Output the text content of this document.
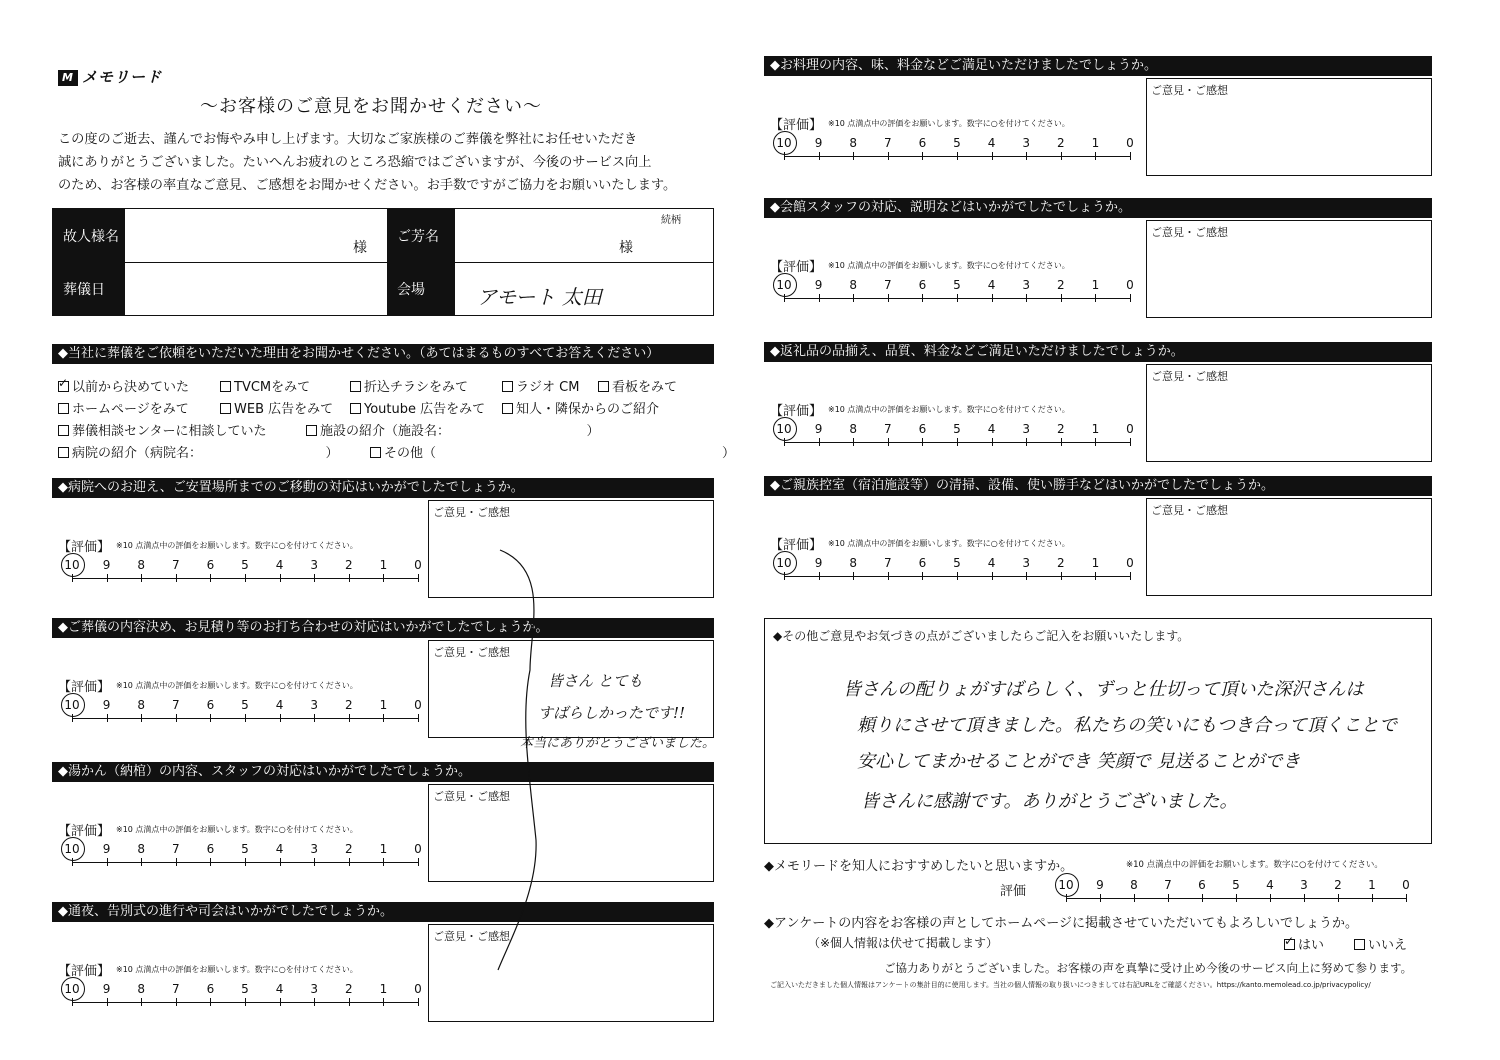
M メモリード
〜お客様のご意見をお聞かせください〜
この度のご逝去、謹んでお悔やみ申し上げます。大切なご家族様のご葬儀を弊社にお任せいただき
誠にありがとうございました。たいへんお疲れのところ恐縮ではございますが、今後のサービス向上
のため、お客様の率直なご意見、ご感想をお聞かせください。お手数ですがご協力をお願いいたします。
故人様名
様
ご芳名
続柄
様
葬儀日	会場	アモート 太田
◆当社に葬儀をご依頼をいただいた理由をお聞かせください。（あてはまるものすべてお答えください）
✓以前から決めていた	TVCMをみて	折込チラシをみて	ラジオ CM	看板をみて
ホームページをみて	WEB 広告をみて	Youtube 広告をみて	知人・隣保からのご紹介
葬儀相談センターに相談していた	施設の紹介（施設名：　　　　　　　　　　　）
病院の紹介（病院名：　　　　　　　　　　）	その他（　　　　　　　　　　　　　　　　　　　　　　）
◆病院へのお迎え、ご安置場所までのご移動の対応はいかがでしたでしょうか。
ご意見・ご感想
【評価】 ※10 点満点中の評価をお願いします。数字に○を付けてください。
10	9	8	7	6	5	4	3	2	1	0
◆ご葬儀の内容決め、お見積り等のお打ち合わせの対応はいかがでしたでしょうか。
ご意見・ご感想
【評価】 ※10 点満点中の評価をお願いします。数字に○を付けてください。
10	9	8	7	6	5	4	3	2	1	0
◆湯かん（納棺）の内容、スタッフの対応はいかがでしたでしょうか。
ご意見・ご感想
【評価】 ※10 点満点中の評価をお願いします。数字に○を付けてください。
10	9	8	7	6	5	4	3	2	1	0
◆通夜、告別式の進行や司会はいかがでしたでしょうか。
ご意見・ご感想
【評価】 ※10 点満点中の評価をお願いします。数字に○を付けてください。
10	9	8	7	6	5	4	3	2	1	0
◆お料理の内容、味、料金などご満足いただけましたでしょうか。
ご意見・ご感想
【評価】 ※10 点満点中の評価をお願いします。数字に○を付けてください。
10	9	8	7	6	5	4	3	2	1	0
◆会館スタッフの対応、説明などはいかがでしたでしょうか。
ご意見・ご感想
【評価】 ※10 点満点中の評価をお願いします。数字に○を付けてください。
10	9	8	7	6	5	4	3	2	1	0
◆返礼品の品揃え、品質、料金などご満足いただけましたでしょうか。
ご意見・ご感想
【評価】 ※10 点満点中の評価をお願いします。数字に○を付けてください。
10	9	8	7	6	5	4	3	2	1	0
◆ご親族控室（宿泊施設等）の清掃、設備、使い勝手などはいかがでしたでしょうか。
ご意見・ご感想
【評価】 ※10 点満点中の評価をお願いします。数字に○を付けてください。
10	9	8	7	6	5	4	3	2	1	0
皆さん とても
すばらしかったです!!
本当にありがとうございました。
◆その他ご意見やお気づきの点がございましたらご記入をお願いいたします。
皆さんの配りょがすばらしく、ずっと仕切って頂いた深沢さんは
頼りにさせて頂きました。私たちの笑いにもつき合って頂くことで
安心してまかせることができ 笑顔で 見送ることができ
皆さんに感謝です。ありがとうございました。
◆メモリードを知人におすすめしたいと思いますか。	※10 点満点中の評価をお願いします。数字に○を付けてください。
評価	10	9	8	7	6	5	4	3	2	1	0
◆アンケートの内容をお客様の声としてホームページに掲載させていただいてもよろしいでしょうか。
（※個人情報は伏せて掲載します）
✓	はい	いいえ
ご協力ありがとうございました。お客様の声を真摯に受け止め今後のサービス向上に努めて参ります。
ご記入いただきました個人情報はアンケートの集計目的に使用します。当社の個人情報の取り扱いにつきましては右記URLをご確認ください。https://kanto.memolead.co.jp/privacypolicy/
